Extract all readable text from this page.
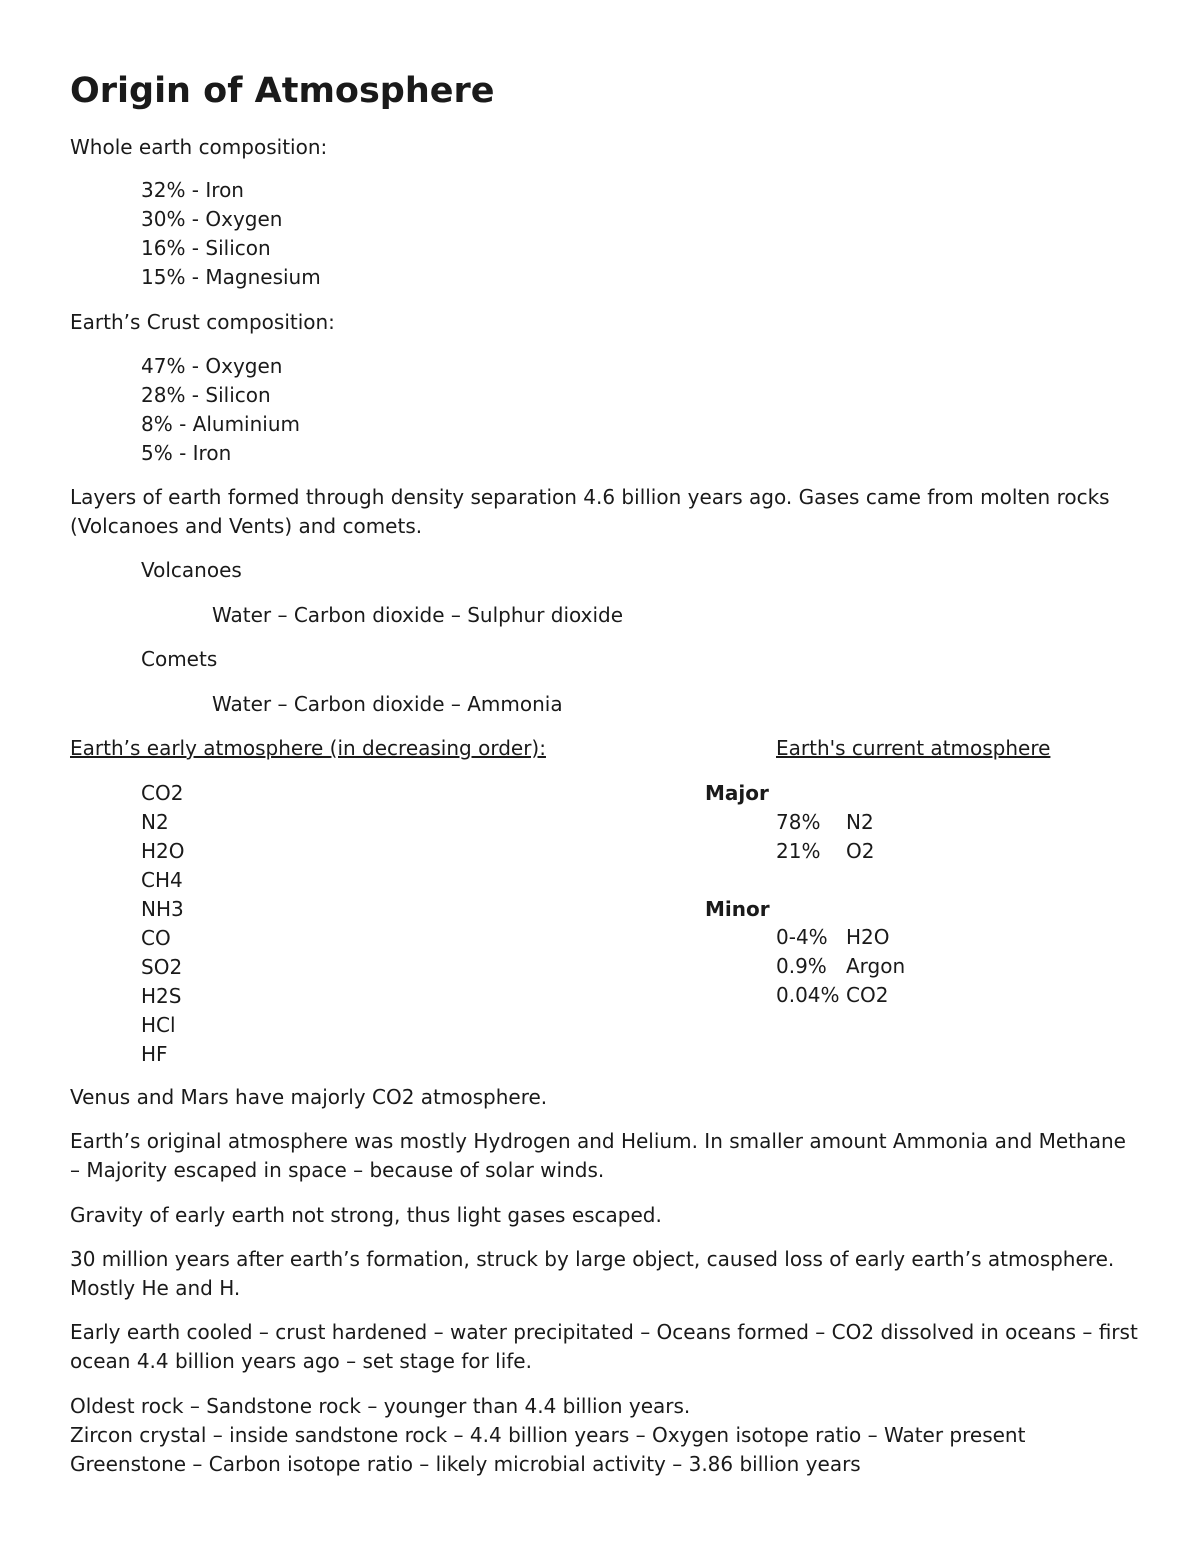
Origin of Atmosphere

Whole earth composition:

32% - Iron
30% - Oxygen
16% - Silicon
15% - Magnesium

Earth’s Crust composition:

47% - Oxygen
28% - Silicon
8% - Aluminium
5% - Iron

Layers of earth formed through density separation 4.6 billion years ago. Gases came from molten rocks (Volcanoes and Vents) and comets.

Volcanoes

Water – Carbon dioxide – Sulphur dioxide

Comets

Water – Carbon dioxide – Ammonia

Earth’s early atmosphere (in decreasing order):

CO2
N2
H2O
CH4
NH3
CO
SO2
H2S
HCl
HF

Earth's current atmosphere

Major

78%	N2
21%	O2

Minor

0-4% H2O
0.9% Argon
0.04% CO2

Venus and Mars have majorly CO2 atmosphere.

Earth’s original atmosphere was mostly Hydrogen and Helium. In smaller amount Ammonia and Methane – Majority escaped in space – because of solar winds.

Gravity of early earth not strong, thus light gases escaped.

30 million years after earth’s formation, struck by large object, caused loss of early earth’s atmosphere. Mostly He and H.

Early earth cooled – crust hardened – water precipitated – Oceans formed – CO2 dissolved in oceans – first ocean 4.4 billion years ago – set stage for life.

Oldest rock – Sandstone rock – younger than 4.4 billion years.

Zircon crystal – inside sandstone rock – 4.4 billion years – Oxygen isotope ratio – Water present

Greenstone – Carbon isotope ratio – likely microbial activity – 3.86 billion years
